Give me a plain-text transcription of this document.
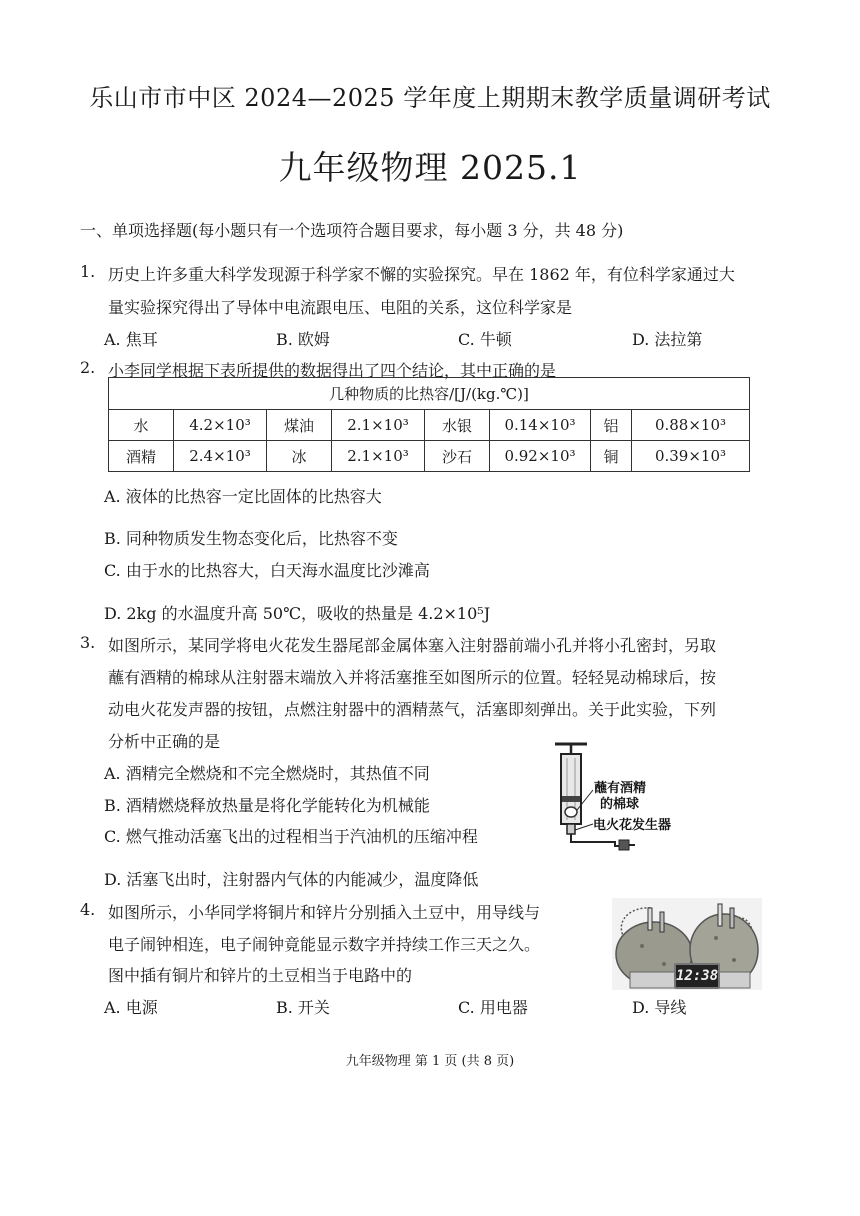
乐山市市中区 2024—2025 学年度上期期末教学质量调研考试
九年级物理 2025.1
一、单项选择题(每小题只有一个选项符合题目要求，每小题 3 分，共 48 分)
1. 历史上许多重大科学发现源于科学家不懈的实验探究。早在 1862 年，有位科学家通过大
量实验探究得出了导体中电流跟电压、电阻的关系，这位科学家是
A. 焦耳	B. 欧姆	C. 牛顿	D. 法拉第
2. 小李同学根据下表所提供的数据得出了四个结论，其中正确的是
几种物质的比热容/[J/(kg.℃)]							
水	4.2×10³	煤油	2.1×10³	水银	0.14×10³	铝	0.88×10³
酒精	2.4×10³	冰	2.1×10³	沙石	0.92×10³	铜	0.39×10³
A. 液体的比热容一定比固体的比热容大
B. 同种物质发生物态变化后，比热容不变
C. 由于水的比热容大，白天海水温度比沙滩高
D. 2kg 的水温度升高 50℃，吸收的热量是 4.2×10⁵J
3. 如图所示，某同学将电火花发生器尾部金属体塞入注射器前端小孔并将小孔密封，另取
蘸有酒精的棉球从注射器末端放入并将活塞推至如图所示的位置。轻轻晃动棉球后，按
动电火花发声器的按钮，点燃注射器中的酒精蒸气，活塞即刻弹出。关于此实验，下列
分析中正确的是
A. 酒精完全燃烧和不完全燃烧时，其热值不同
B. 酒精燃烧释放热量是将化学能转化为机械能
C. 燃气推动活塞飞出的过程相当于汽油机的压缩冲程
D. 活塞飞出时，注射器内气体的内能减少，温度降低
蘸有酒精
的棉球
电火花发生器
4. 如图所示，小华同学将铜片和锌片分别插入土豆中，用导线与
电子闹钟相连，电子闹钟竟能显示数字并持续工作三天之久。
图中插有铜片和锌片的土豆相当于电路中的
A. 电源	B. 开关	C. 用电器	D. 导线
12:38
九年级物理 第 1 页 (共 8 页)
